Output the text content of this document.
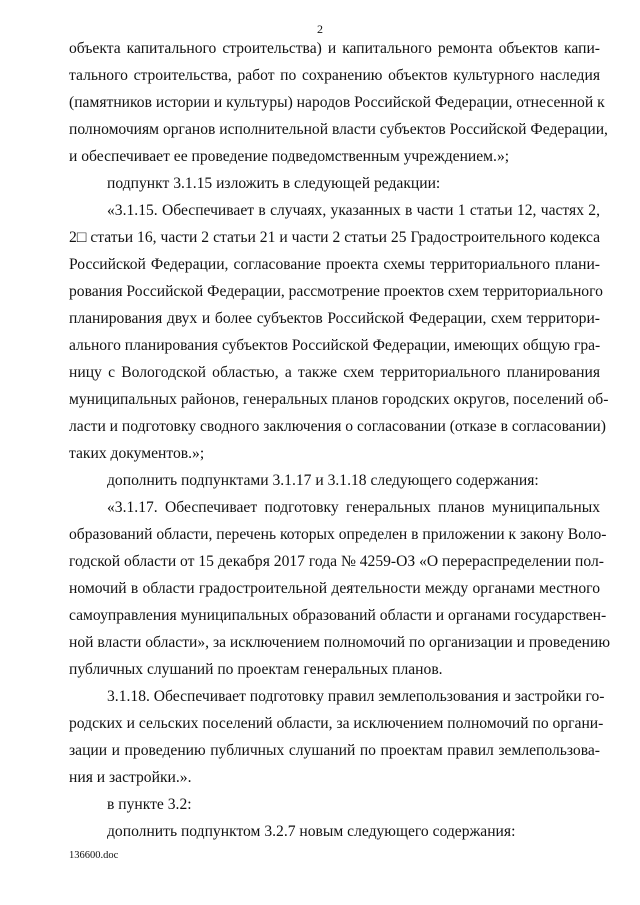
2
объекта капитального строительства) и капитального ремонта объектов капи-
тального строительства, работ по сохранению объектов культурного наследия
(памятников истории и культуры) народов Российской Федерации, отнесенной к
полномочиям органов исполнительной власти субъектов Российской Федерации,
и обеспечивает ее проведение подведомственным учреждением.»;
подпункт 3.1.15 изложить в следующей редакции:
«3.1.15. Обеспечивает в случаях, указанных в части 1 статьи 12, частях 2,
2□ статьи 16, части 2 статьи 21 и части 2 статьи 25 Градостроительного кодекса
Российской Федерации, согласование проекта схемы территориального плани-
рования Российской Федерации, рассмотрение проектов схем территориального
планирования двух и более субъектов Российской Федерации, схем территори-
ального планирования субъектов Российской Федерации, имеющих общую гра-
ницу с Вологодской областью, а также схем территориального планирования
муниципальных районов, генеральных планов городских округов, поселений об-
ласти и подготовку сводного заключения о согласовании (отказе в согласовании)
таких документов.»;
дополнить подпунктами 3.1.17 и 3.1.18 следующего содержания:
«3.1.17. Обеспечивает подготовку генеральных планов муниципальных
образований области, перечень которых определен в приложении к закону Воло-
годской области от 15 декабря 2017 года № 4259-ОЗ «О перераспределении пол-
номочий в области градостроительной деятельности между органами местного
самоуправления муниципальных образований области и органами государствен-
ной власти области», за исключением полномочий по организации и проведению
публичных слушаний по проектам генеральных планов.
3.1.18. Обеспечивает подготовку правил землепользования и застройки го-
родских и сельских поселений области, за исключением полномочий по органи-
зации и проведению публичных слушаний по проектам правил землепользова-
ния и застройки.».
в пункте 3.2:
дополнить подпунктом 3.2.7 новым следующего содержания:
136600.doc
